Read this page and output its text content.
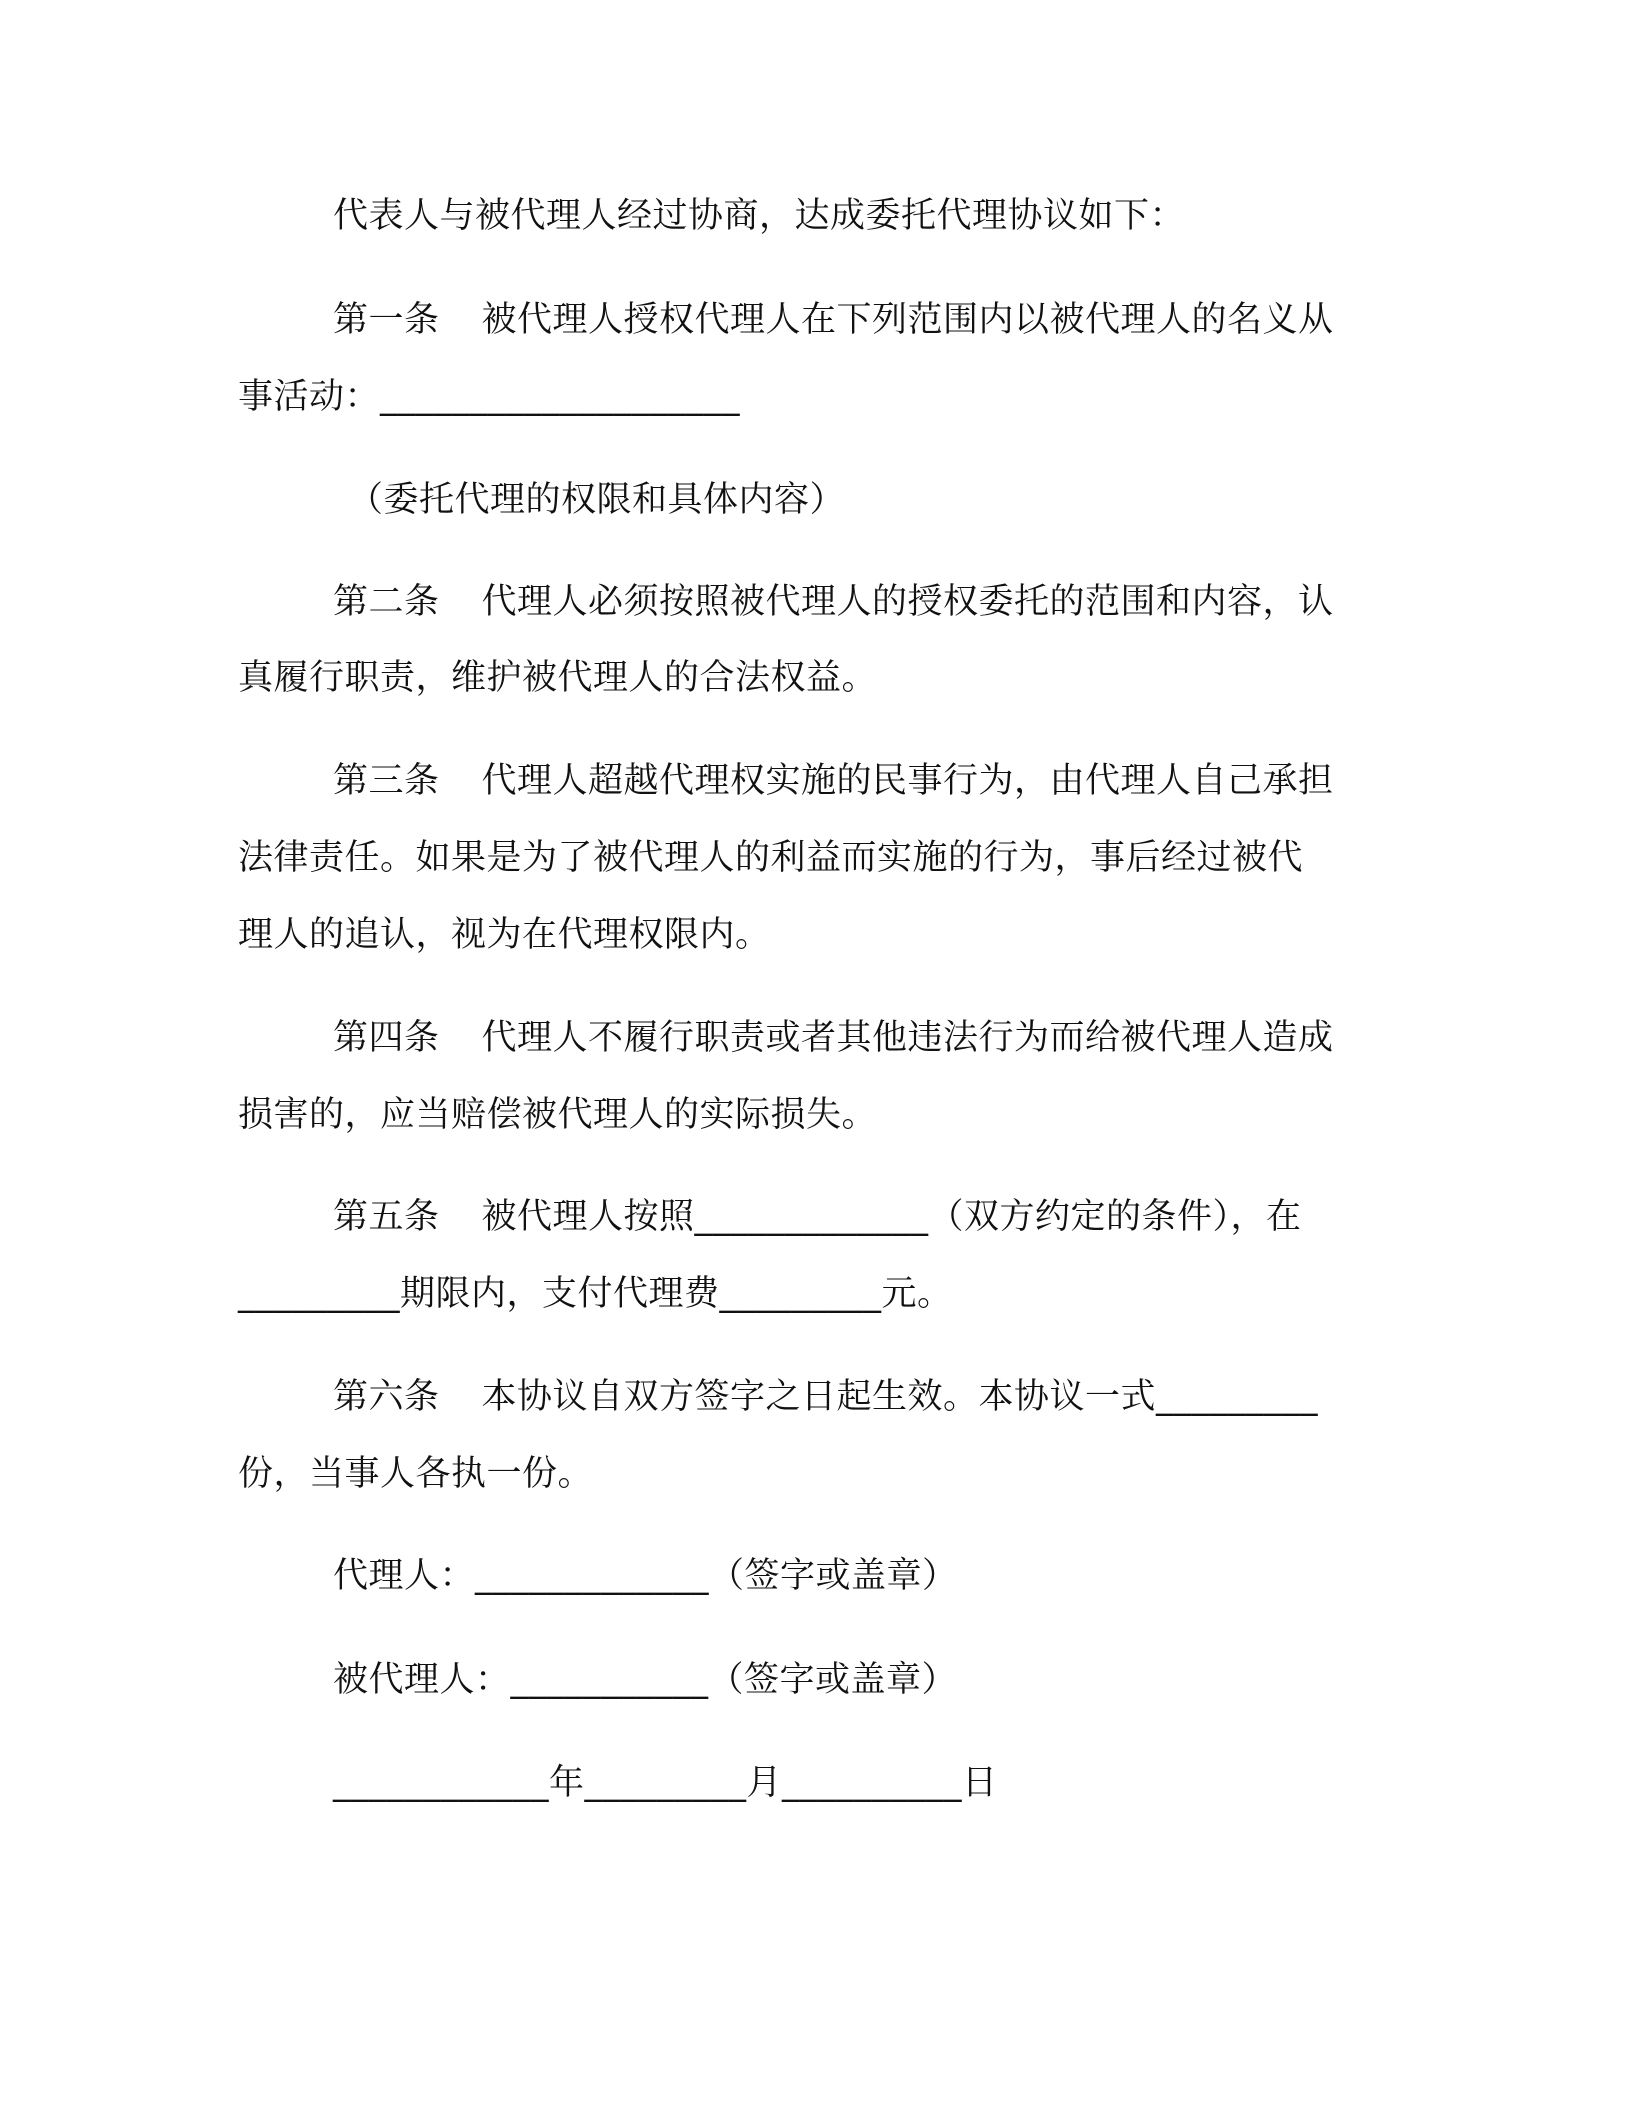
代表人与被代理人经过协商，达成委托代理协议如下：
第一条 被代理人授权代理人在下列范围内以被代理人的名义从
事活动：____________________
（委托代理的权限和具体内容）
第二条 代理人必须按照被代理人的授权委托的范围和内容，认
真履行职责，维护被代理人的合法权益。
第三条 代理人超越代理权实施的民事行为，由代理人自己承担
法律责任。如果是为了被代理人的利益而实施的行为，事后经过被代
理人的追认，视为在代理权限内。
第四条 代理人不履行职责或者其他违法行为而给被代理人造成
损害的，应当赔偿被代理人的实际损失。
第五条 被代理人按照_____________（双方约定的条件），在
_________期限内，支付代理费_________元。
第六条 本协议自双方签字之日起生效。本协议一式_________
份，当事人各执一份。
代理人：_____________（签字或盖章）
被代理人：___________（签字或盖章）
____________年_________月__________日
